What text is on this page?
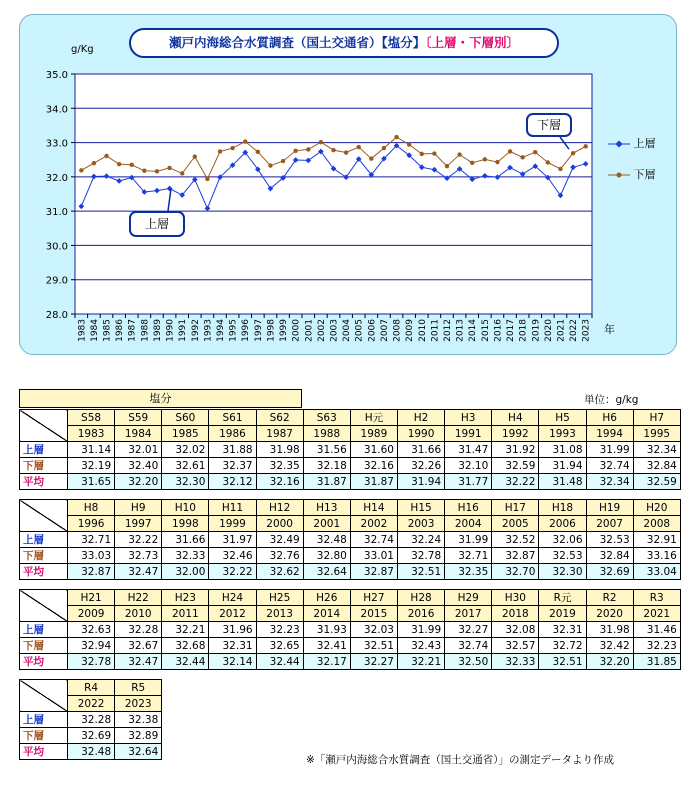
28.0
29.0
30.0
31.0
32.0
33.0
34.0
35.0
1983 1984 1985 1986 1987 1988 1989 1990 1991 1992 1993 1994 1995 1996 1997 1998 1999 2000 2001 2002 2003 2004 2005 2006 2007 2008 2009 2010 2011 2012 2013 2014 2015 2016 2017 2018 2019 2020 2021 2022 2023
瀬戸内海総合水質調査（国土交通省）【塩分】〔上層・下層別〕
g/Kg
年
上層
下層
下層
上層
塩分	単位：g/kg
	S58	S59	S60	S61	S62	S63	H元	H2	H3	H4	H5	H6	H7
	1983	1984	1985	1986	1987	1988	1989	1990	1991	1992	1993	1994	1995
上層	31.14	32.01	32.02	31.88	31.98	31.56	31.60	31.66	31.47	31.92	31.08	31.99	32.34
下層	32.19	32.40	32.61	32.37	32.35	32.18	32.16	32.26	32.10	32.59	31.94	32.74	32.84
平均	31.65	32.20	32.30	32.12	32.16	31.87	31.87	31.94	31.77	32.22	31.48	32.34	32.59
	H8	H9	H10	H11	H12	H13	H14	H15	H16	H17	H18	H19	H20
	1996	1997	1998	1999	2000	2001	2002	2003	2004	2005	2006	2007	2008
上層	32.71	32.22	31.66	31.97	32.49	32.48	32.74	32.24	31.99	32.52	32.06	32.53	32.91
下層	33.03	32.73	32.33	32.46	32.76	32.80	33.01	32.78	32.71	32.87	32.53	32.84	33.16
平均	32.87	32.47	32.00	32.22	32.62	32.64	32.87	32.51	32.35	32.70	32.30	32.69	33.04
	H21	H22	H23	H24	H25	H26	H27	H28	H29	H30	R元	R2	R3
	2009	2010	2011	2012	2013	2014	2015	2016	2017	2018	2019	2020	2021
上層	32.63	32.28	32.21	31.96	32.23	31.93	32.03	31.99	32.27	32.08	32.31	31.98	31.46
下層	32.94	32.67	32.68	32.31	32.65	32.41	32.51	32.43	32.74	32.57	32.72	32.42	32.23
平均	32.78	32.47	32.44	32.14	32.44	32.17	32.27	32.21	32.50	32.33	32.51	32.20	31.85
	R4	R5
	2022	2023
上層	32.28	32.38
下層	32.69	32.89
平均	32.48	32.64
※「瀬戸内海総合水質調査（国土交通省）」の測定データより作成
